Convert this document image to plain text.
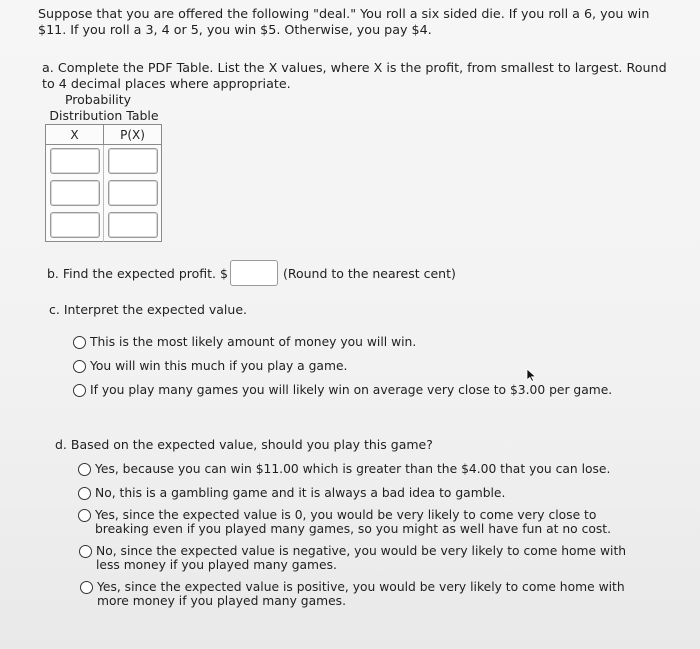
Suppose that you are offered the following "deal." You roll a six sided die. If you roll a 6, you win $11. If you roll a 3, 4 or 5, you win $5. Otherwise, you pay $4.
a. Complete the PDF Table. List the X values, where X is the profit, from smallest to largest. Round to 4 decimal places where appropriate.
Probability
Distribution Table
X	P(X)

b. Find the expected profit. $	(Round to the nearest cent)
c. Interpret the expected value.
This is the most likely amount of money you will win.
You will win this much if you play a game.
If you play many games you will likely win on average very close to $3.00 per game.
d. Based on the expected value, should you play this game?
Yes, because you can win $11.00 which is greater than the $4.00 that you can lose.
No, this is a gambling game and it is always a bad idea to gamble.
Yes, since the expected value is 0, you would be very likely to come very close to breaking even if you played many games, so you might as well have fun at no cost.
No, since the expected value is negative, you would be very likely to come home with less money if you played many games.
Yes, since the expected value is positive, you would be very likely to come home with more money if you played many games.
